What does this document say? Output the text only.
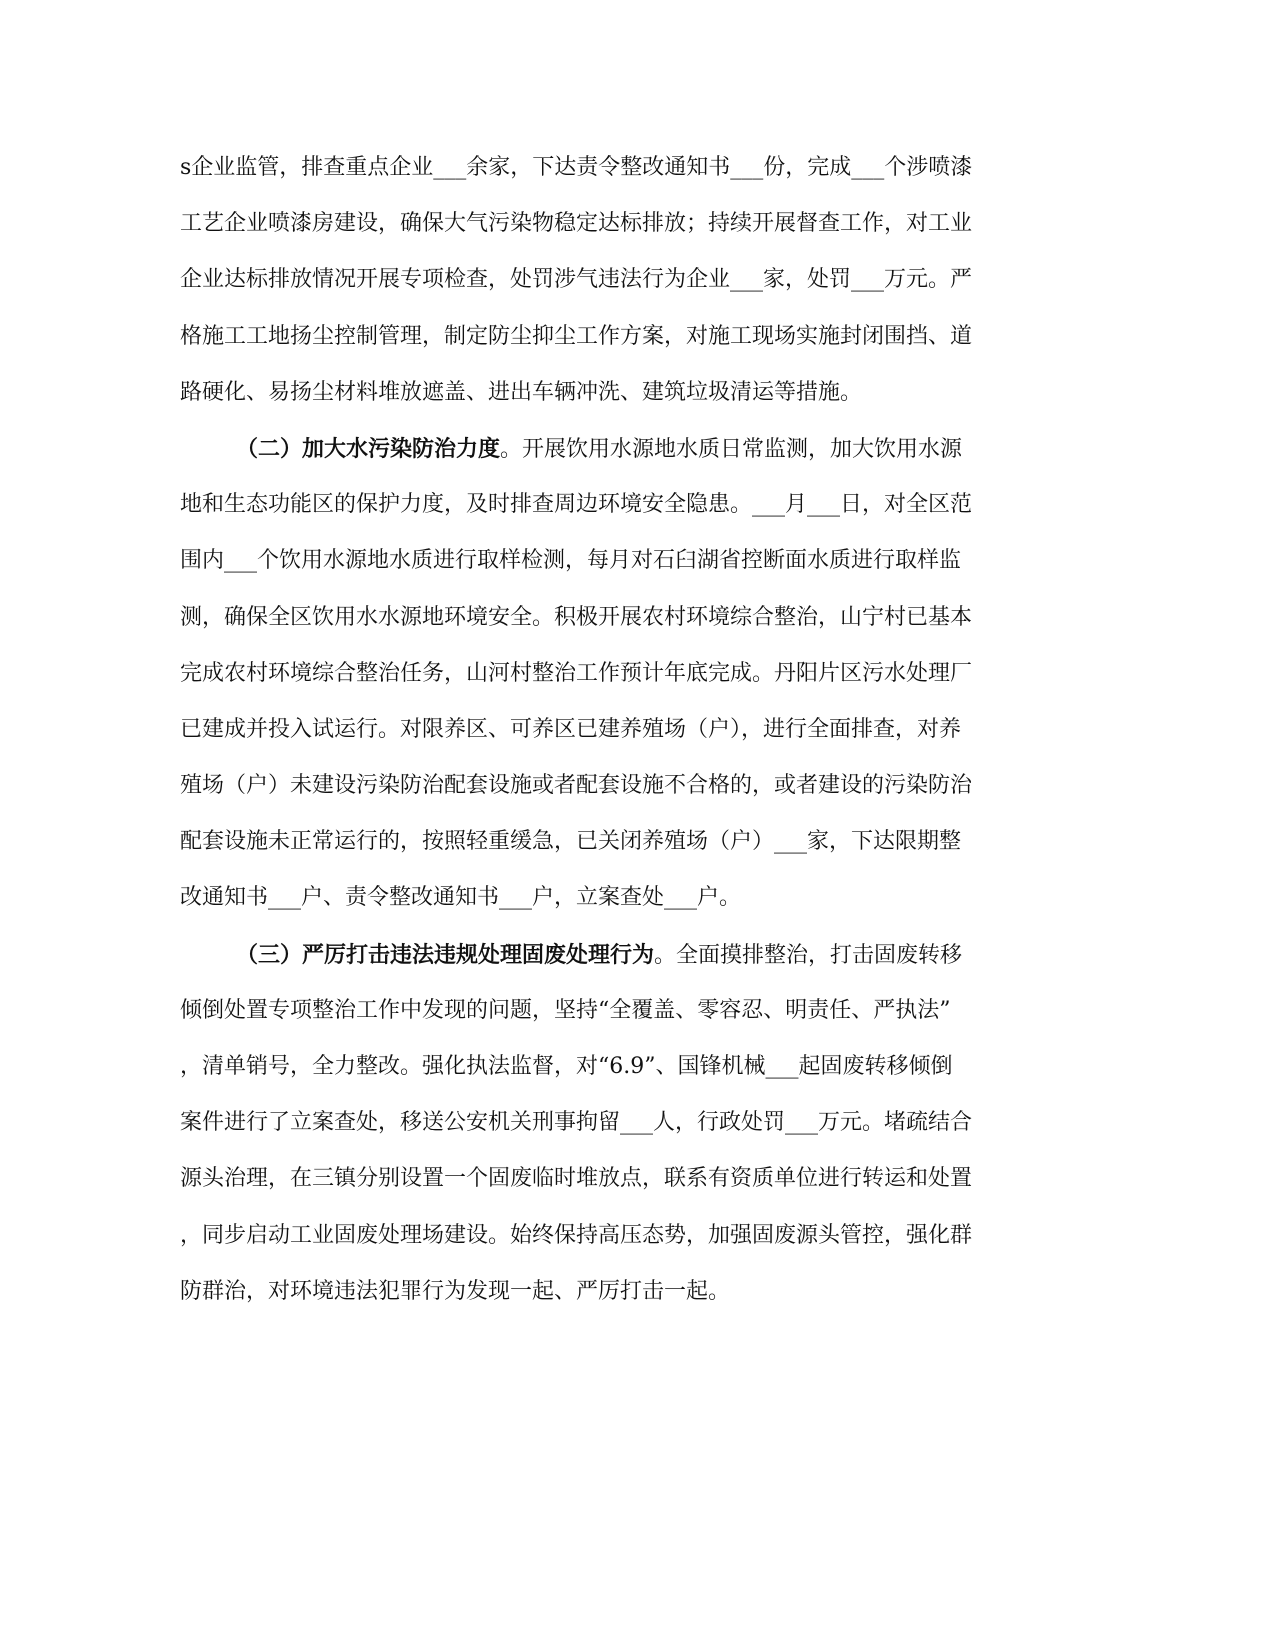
s企业监管，排查重点企业___余家，下达责令整改通知书___份，完成___个涉喷漆
工艺企业喷漆房建设，确保大气污染物稳定达标排放；持续开展督查工作，对工业
企业达标排放情况开展专项检查，处罚涉气违法行为企业___家，处罚___万元。严
格施工工地扬尘控制管理，制定防尘抑尘工作方案，对施工现场实施封闭围挡、道
路硬化、易扬尘材料堆放遮盖、进出车辆冲洗、建筑垃圾清运等措施。
（二）加大水污染防治力度。开展饮用水源地水质日常监测，加大饮用水源
地和生态功能区的保护力度，及时排查周边环境安全隐患。___月___日，对全区范
围内___个饮用水源地水质进行取样检测，每月对石臼湖省控断面水质进行取样监
测，确保全区饮用水水源地环境安全。积极开展农村环境综合整治，山宁村已基本
完成农村环境综合整治任务，山河村整治工作预计年底完成。丹阳片区污水处理厂
已建成并投入试运行。对限养区、可养区已建养殖场（户），进行全面排查，对养
殖场（户）未建设污染防治配套设施或者配套设施不合格的，或者建设的污染防治
配套设施未正常运行的，按照轻重缓急，已关闭养殖场（户）___家，下达限期整
改通知书___户、责令整改通知书___户，立案查处___户。
（三）严厉打击违法违规处理固废处理行为。全面摸排整治，打击固废转移
倾倒处置专项整治工作中发现的问题，坚持“全覆盖、零容忍、明责任、严执法”
，清单销号，全力整改。强化执法监督，对“6.9”、国锋机械___起固废转移倾倒
案件进行了立案查处，移送公安机关刑事拘留___人，行政处罚___万元。堵疏结合
源头治理，在三镇分别设置一个固废临时堆放点，联系有资质单位进行转运和处置
，同步启动工业固废处理场建设。始终保持高压态势，加强固废源头管控，强化群
防群治，对环境违法犯罪行为发现一起、严厉打击一起。
